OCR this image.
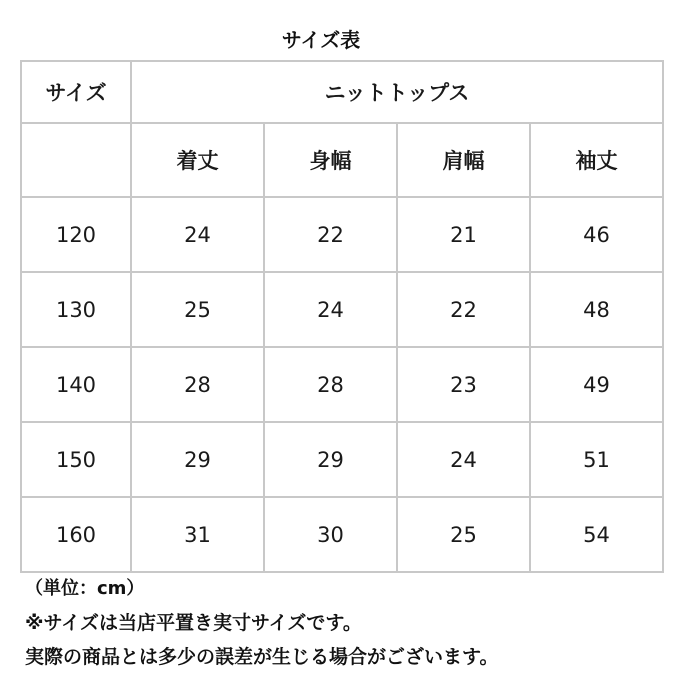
サイズ表
サイズ	ニットトップス			
	着丈	身幅	肩幅	袖丈
120	24	22	21	46
130	25	24	22	48
140	28	28	23	49
150	29	29	24	51
160	31	30	25	54
（単位：cm）
※サイズは当店平置き実寸サイズです。
実際の商品とは多少の誤差が生じる場合がございます。
